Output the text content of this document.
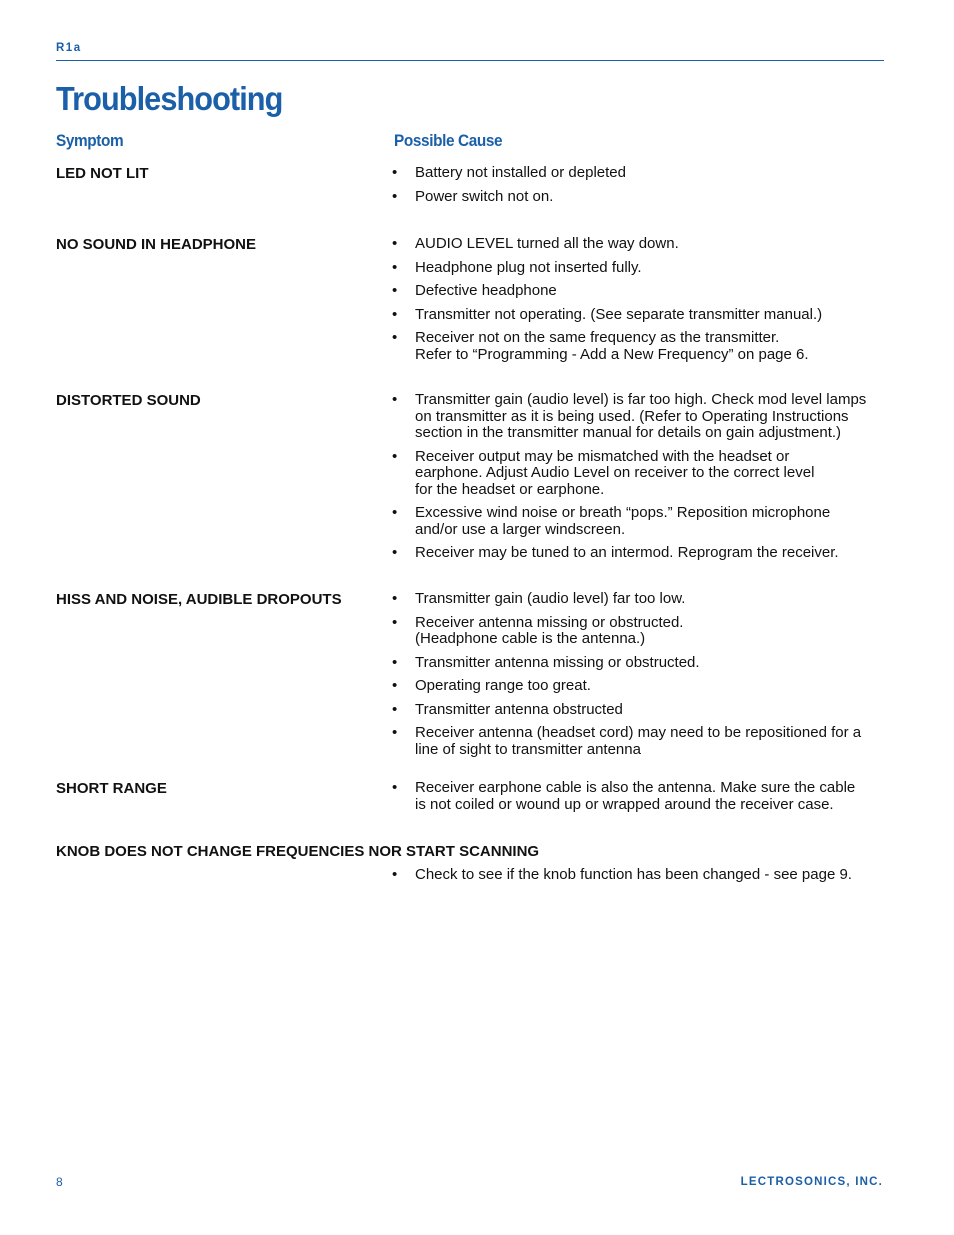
R1a
Troubleshooting
Symptom	Possible Cause
LED NOT LIT	• Battery not installed or depleted
• Power switch not on.
NO SOUND IN HEADPHONE	• AUDIO LEVEL turned all the way down.
• Headphone plug not inserted fully.
• Defective headphone
• Transmitter not operating. (See separate transmitter manual.)
• Receiver not on the same frequency as the transmitter.
Refer to “Programming - Add a New Frequency” on page 6.
DISTORTED SOUND	• Transmitter gain (audio level) is far too high. Check mod level lamps
on transmitter as it is being used. (Refer to Operating Instructions
section in the transmitter manual for details on gain adjustment.)
• Receiver output may be mismatched with the headset or
earphone. Adjust Audio Level on receiver to the correct level
for the headset or earphone.
• Excessive wind noise or breath “pops.” Reposition microphone
and/or use a larger windscreen.
• Receiver may be tuned to an intermod. Reprogram the receiver.
HISS AND NOISE, AUDIBLE DROPOUTS	• Transmitter gain (audio level) far too low.
• Receiver antenna missing or obstructed.
(Headphone cable is the antenna.)
• Transmitter antenna missing or obstructed.
• Operating range too great.
• Transmitter antenna obstructed
• Receiver antenna (headset cord) may need to be repositioned for a
line of sight to transmitter antenna
SHORT RANGE	• Receiver earphone cable is also the antenna. Make sure the cable
is not coiled or wound up or wrapped around the receiver case.
KNOB DOES NOT CHANGE FREQUENCIES NOR START SCANNING
• Check to see if the knob function has been changed - see page 9.
8	LECTROSONICS, INC.
